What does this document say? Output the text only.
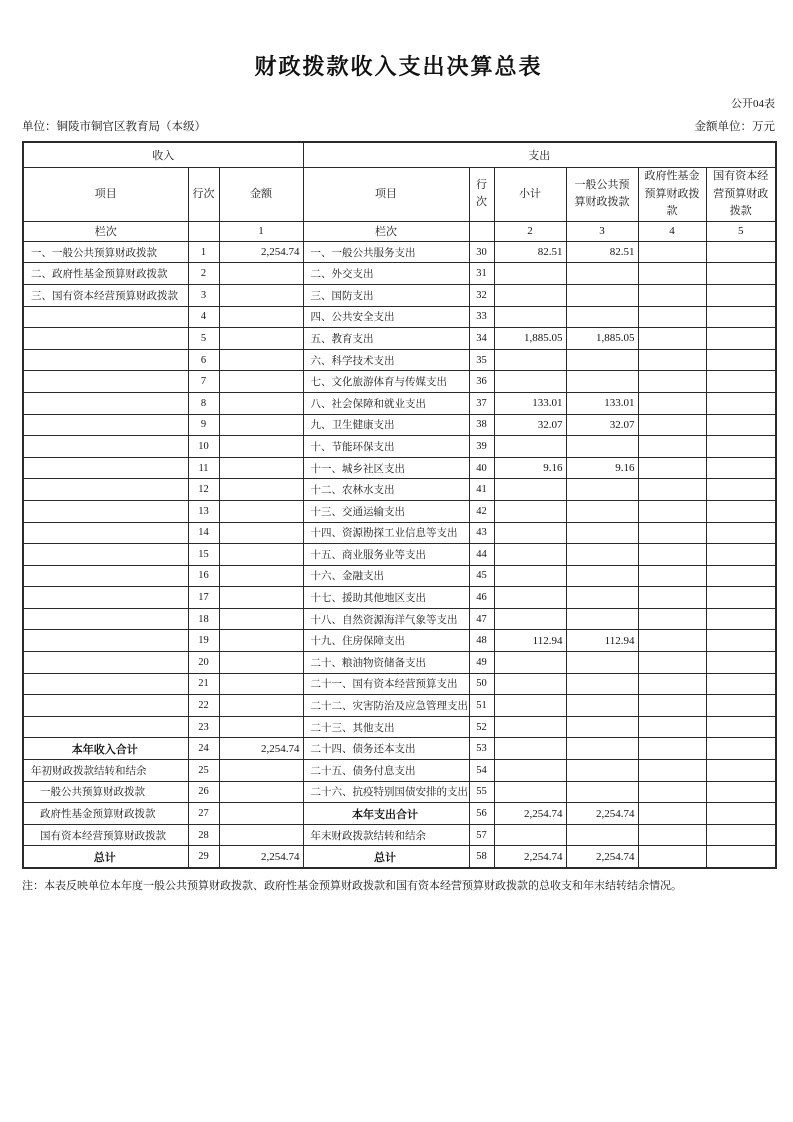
财政拨款收入支出决算总表
公开04表
单位：铜陵市铜官区教育局（本级）	金额单位：万元
收入			支出					
项目	行次	金额	项目	行次	小计	一般公共预算财政拨款	政府性基金预算财政拨款	国有资本经营预算财政拨款
栏次		1	栏次		2	3	4	5
一、一般公共预算财政拨款	1	2,254.74	一、一般公共服务支出	30	82.51	82.51		
二、政府性基金预算财政拨款	2		二、外交支出	31				
三、国有资本经营预算财政拨款	3		三、国防支出	32				
	4		四、公共安全支出	33				
	5		五、教育支出	34	1,885.05	1,885.05		
	6		六、科学技术支出	35				
	7		七、文化旅游体育与传媒支出	36				
	8		八、社会保障和就业支出	37	133.01	133.01		
	9		九、卫生健康支出	38	32.07	32.07		
	10		十、节能环保支出	39				
	11		十一、城乡社区支出	40	9.16	9.16		
	12		十二、农林水支出	41				
	13		十三、交通运输支出	42				
	14		十四、资源勘探工业信息等支出	43				
	15		十五、商业服务业等支出	44				
	16		十六、金融支出	45				
	17		十七、援助其他地区支出	46				
	18		十八、自然资源海洋气象等支出	47				
	19		十九、住房保障支出	48	112.94	112.94		
	20		二十、粮油物资储备支出	49				
	21		二十一、国有资本经营预算支出	50				
	22		二十二、灾害防治及应急管理支出	51				
	23		二十三、其他支出	52				
本年收入合计	24	2,254.74	二十四、债务还本支出	53				
年初财政拨款结转和结余	25		二十五、债务付息支出	54				
一般公共预算财政拨款	26		二十六、抗疫特别国债安排的支出	55				
政府性基金预算财政拨款	27		本年支出合计	56	2,254.74	2,254.74		
国有资本经营预算财政拨款	28		年末财政拨款结转和结余	57				
总计	29	2,254.74	总计	58	2,254.74	2,254.74		
注：本表反映单位本年度一般公共预算财政拨款、政府性基金预算财政拨款和国有资本经营预算财政拨款的总收支和年末结转结余情况。
